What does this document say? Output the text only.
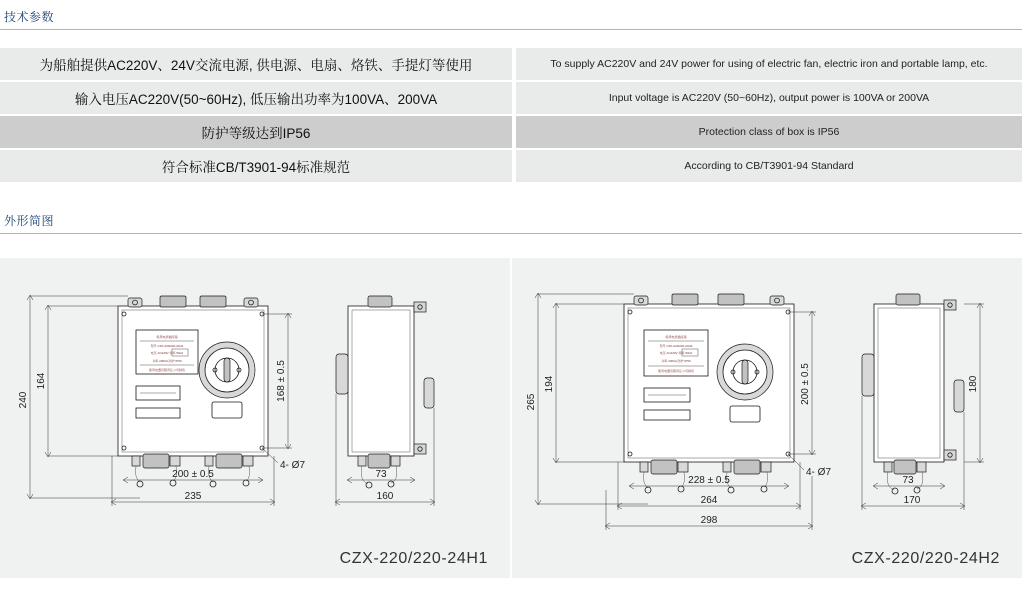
技术参数
为船舶提供AC220V、24V交流电源, 供电源、电扇、烙铁、手提灯等使用	To supply AC220V and 24V power for using of electric fan, electric iron and portable lamp, etc.
输入电压AC220V(50~60Hz), 低压输出功率为100VA、200VA	Input voltage is AC220V (50~60Hz), output power is 100VA or 200VA
防护等级达到IP56	Protection class of box is IP56
符合标准CB/T3901-94标准规范	According to CB/T3901-94 Standard
外形简图
船用电源插座箱
型号 CZX-220/220-24H1
电压 AC220V 频率 50Hz
功率 200VA 防护 IP56
船用电器有限责任公司制造
4- Ø7
240
164	168 ± 0.5
200 ± 0.5
235
73
160
CZX-220/220-24H1
船用电源插座箱
型号 CZX-220/220-24H2
电压 AC220V 频率 50Hz
功率 200VA 防护 IP56
船用电器有限责任公司制造
4- Ø7
265
194	200 ± 0.5
228 ± 0.5
264
298
180
73
170
CZX-220/220-24H2
